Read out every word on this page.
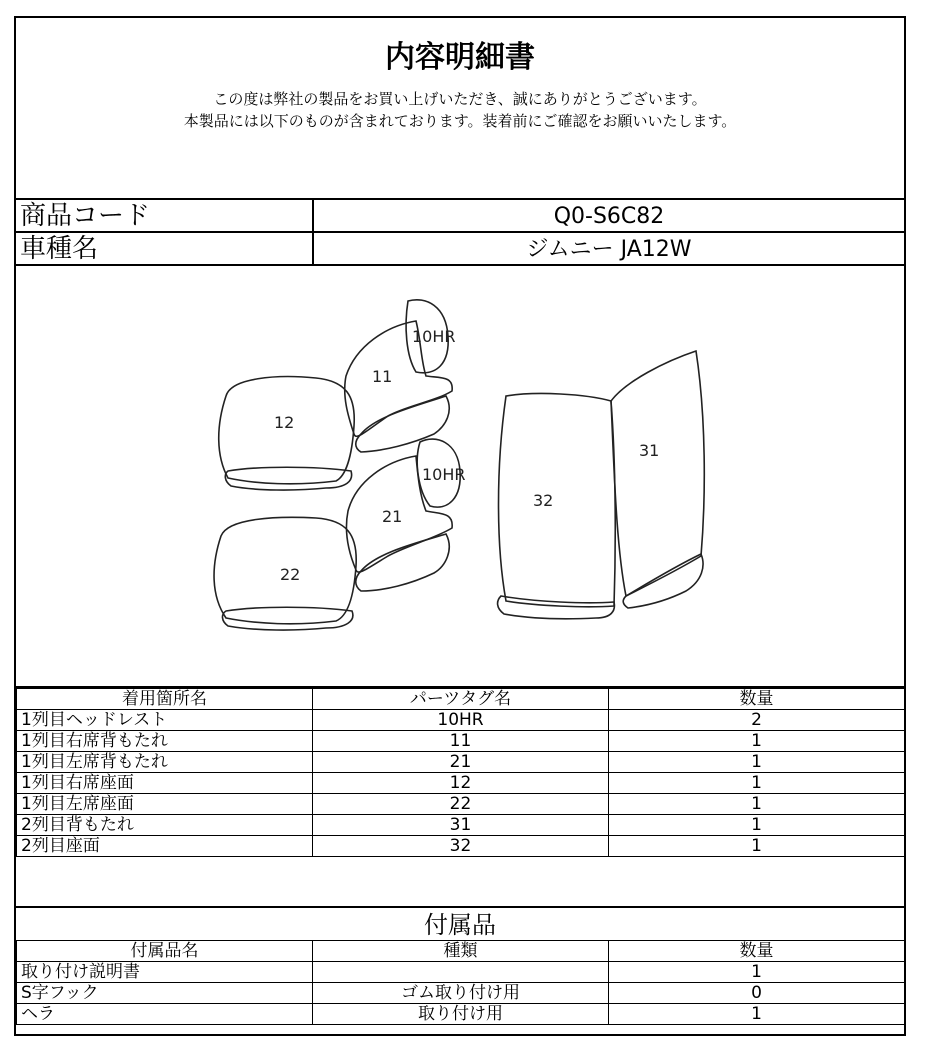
内容明細書
この度は弊社の製品をお買い上げいただき、誠にありがとうございます。
本製品には以下のものが含まれております。装着前にご確認をお願いいたします。
商品コード	Q0-S6C82
車種名	ジムニー JA12W
10HR
11
12
10HR
21
22
32
31
着用箇所名	パーツタグ名	数量
1列目ヘッドレスト	10HR	2
1列目右席背もたれ	11	1
1列目左席背もたれ	21	1
1列目右席座面	12	1
1列目左席座面	22	1
2列目背もたれ	31	1
2列目座面	32	1
付属品
付属品名	種類	数量
取り付け説明書		1
S字フック	ゴム取り付け用	0
ヘラ	取り付け用	1
